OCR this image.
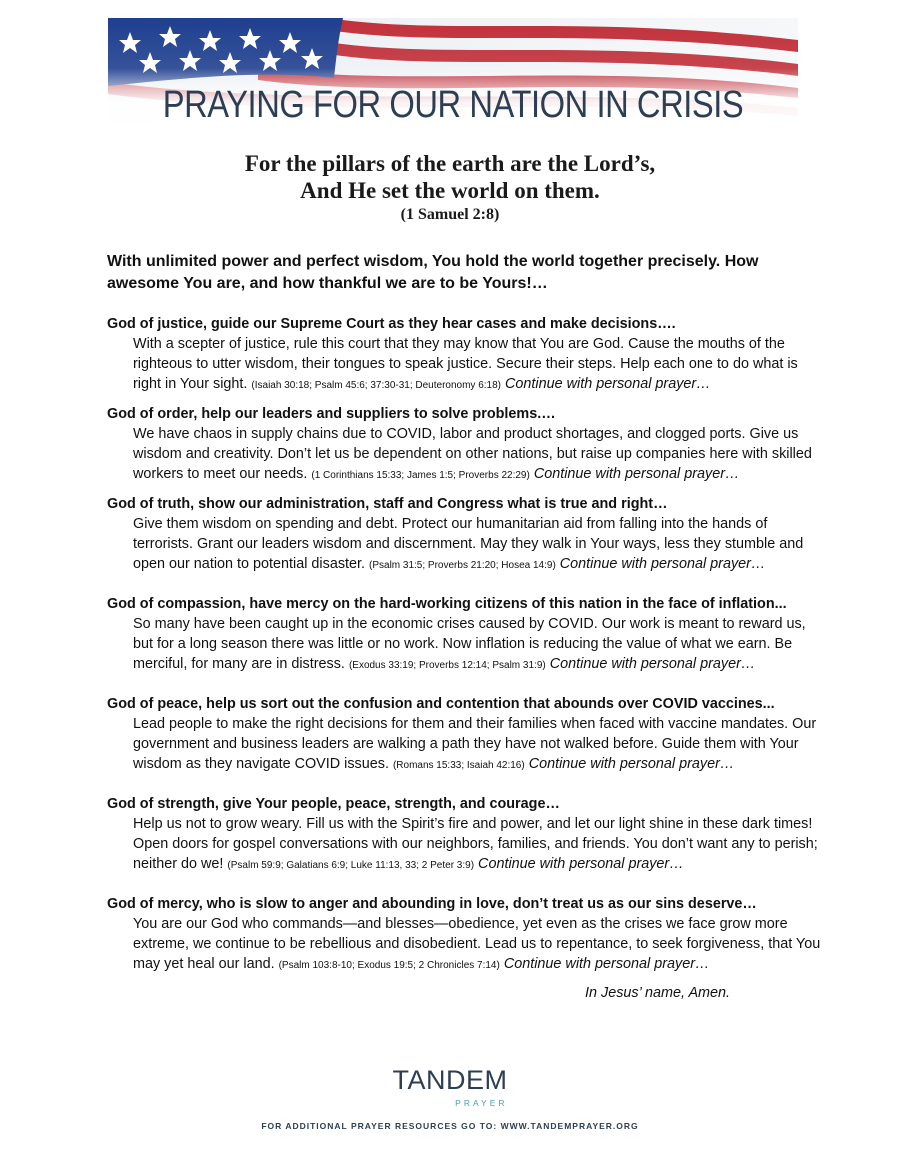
PRAYING FOR OUR NATION IN CRISIS
For the pillars of the earth are the Lord’s,
And He set the world on them.
(1 Samuel 2:8)
With unlimited power and perfect wisdom, You hold the world together precisely. How awesome You are, and how thankful we are to be Yours!…
God of justice, guide our Supreme Court as they hear cases and make decisions….
With a scepter of justice, rule this court that they may know that You are God. Cause the mouths of the righteous to utter wisdom, their tongues to speak justice. Secure their steps. Help each one to do what is right in Your sight. (Isaiah 30:18; Psalm 45:6; 37:30-31; Deuteronomy 6:18) Continue with personal prayer…
God of order, help our leaders and suppliers to solve problems.…
We have chaos in supply chains due to COVID, labor and product shortages, and clogged ports. Give us wisdom and creativity. Don’t let us be dependent on other nations, but raise up companies here with skilled workers to meet our needs. (1 Corinthians 15:33; James 1:5; Proverbs 22:29) Continue with personal prayer…
God of truth, show our administration, staff and Congress what is true and right…
Give them wisdom on spending and debt. Protect our humanitarian aid from falling into the hands of terrorists. Grant our leaders wisdom and discernment. May they walk in Your ways, less they stumble and open our nation to potential disaster. (Psalm 31:5; Proverbs 21:20; Hosea 14:9) Continue with personal prayer…
God of compassion, have mercy on the hard-working citizens of this nation in the face of inflation...
So many have been caught up in the economic crises caused by COVID. Our work is meant to reward us, but for a long season there was little or no work. Now inflation is reducing the value of what we earn. Be merciful, for many are in distress. (Exodus 33:19; Proverbs 12:14; Psalm 31:9) Continue with personal prayer…
God of peace, help us sort out the confusion and contention that abounds over COVID vaccines...
Lead people to make the right decisions for them and their families when faced with vaccine mandates. Our government and business leaders are walking a path they have not walked before. Guide them with Your wisdom as they navigate COVID issues. (Romans 15:33; Isaiah 42:16) Continue with personal prayer…
God of strength, give Your people, peace, strength, and courage…
Help us not to grow weary. Fill us with the Spirit’s fire and power, and let our light shine in these dark times! Open doors for gospel conversations with our neighbors, families, and friends. You don’t want any to perish; neither do we! (Psalm 59:9; Galatians 6:9; Luke 11:13, 33; 2 Peter 3:9) Continue with personal prayer…
God of mercy, who is slow to anger and abounding in love, don’t treat us as our sins deserve…
You are our God who commands—and blesses—obedience, yet even as the crises we face grow more extreme, we continue to be rebellious and disobedient. Lead us to repentance, to seek forgiveness, that You may yet heal our land. (Psalm 103:8-10; Exodus 19:5; 2 Chronicles 7:14) Continue with personal prayer…
In Jesus’ name, Amen.
TANDEM
PRAYER
FOR ADDITIONAL PRAYER RESOURCES GO TO: WWW.TANDEMPRAYER.ORG
